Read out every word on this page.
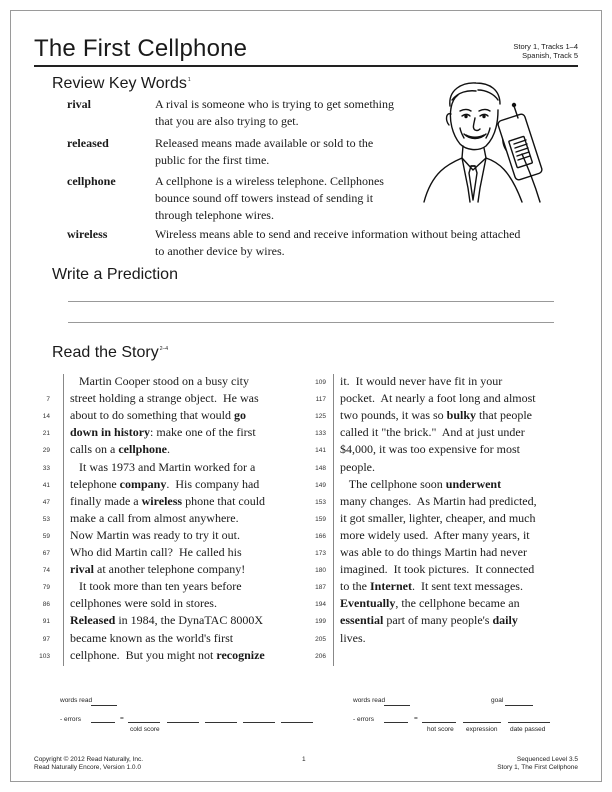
The First Cellphone	Story 1, Tracks 1–4
Spanish, Track 5
Review Key Words$^1$
rival	A rival is someone who is trying to get something
that you are also trying to get.
released	Released means made available or sold to the
public for the first time.
cellphone	A cellphone is a wireless telephone. Cellphones
bounce sound off towers instead of sending it
through telephone wires.
wireless	Wireless means able to send and receive information without being attached
to another device by wires.
Write a Prediction
Read the Story$^{2-4}$
Martin Cooper stood on a busy city
7 street holding a strange object.  He was
14 about to do something that would go
21 down in history: make one of the first
29 calls on a cellphone.
33 It was 1973 and Martin worked for a
41 telephone company.  His company had
47 finally made a wireless phone that could
53 make a call from almost anywhere.
59 Now Martin was ready to try it out.
67 Who did Martin call?  He called his
74 rival at another telephone company!
79 It took more than ten years before
86 cellphones were sold in stores.
91 Released in 1984, the DynaTAC 8000X
97 became known as the world's first
103 cellphone.  But you might not recognize
109 it.  It would never have fit in your
117 pocket.  At nearly a foot long and almost
125 two pounds, it was so bulky that people
133 called it "the brick."  And at just under
141 $4,000, it was too expensive for most
148 people.
149 The cellphone soon underwent
153 many changes.  As Martin had predicted,
159 it got smaller, lighter, cheaper, and much
166 more widely used.  After many years, it
173 was able to do things Martin had never
180 imagined.  It took pictures.  It connected
187 to the Internet.  It sent text messages.
194 Eventually, the cellphone became an
199 essential part of many people's daily
205 lives.
206
words read
- errors	=
cold score
words read	goal
- errors	=
hot score expression date passed
Copyright © 2012 Read Naturally, Inc.
Read Naturally Encore, Version 1.0.0
1	Sequenced Level 3.5
Story 1, The First Cellphone
